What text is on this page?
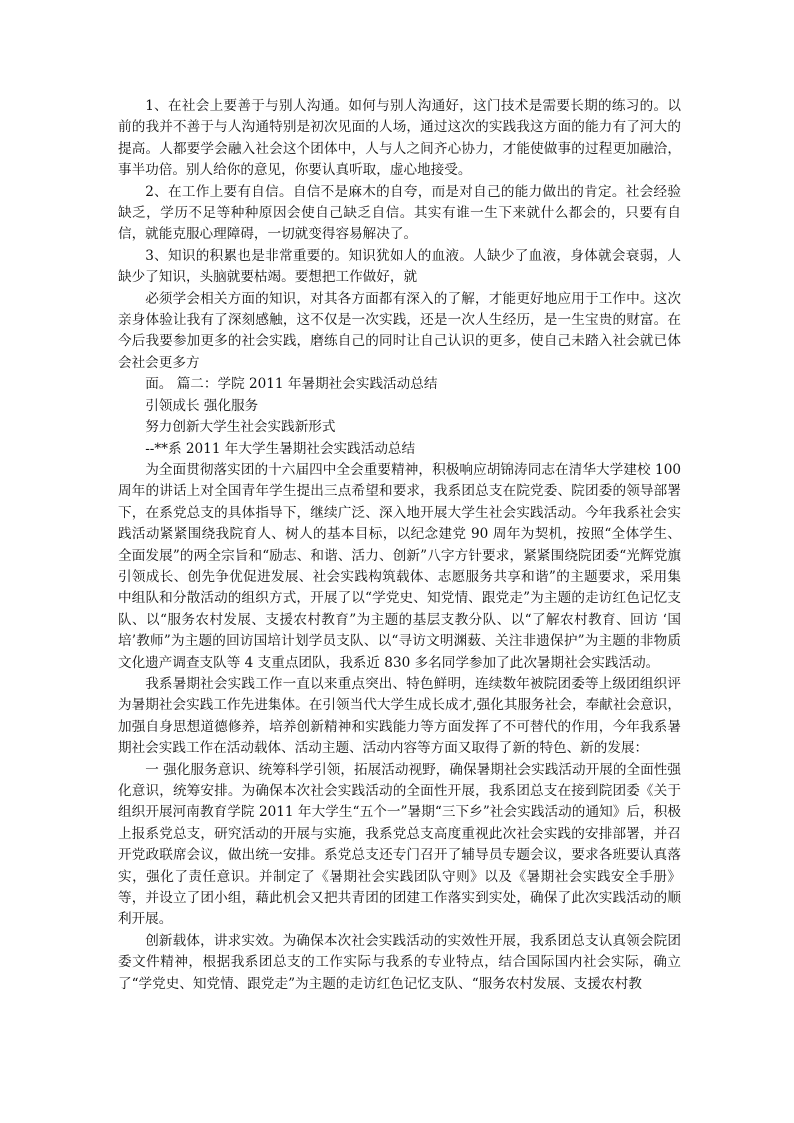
1、在社会上要善于与别人沟通。如何与别人沟通好，这门技术是需要长期的练习的。以前的我并不善于与人沟通特别是初次见面的人场，通过这次的实践我这方面的能力有了河大的提高。人都要学会融入社会这个团体中，人与人之间齐心协力，才能使做事的过程更加融洽，事半功倍。别人给你的意见，你要认真听取，虚心地接受。

2、在工作上要有自信。自信不是麻木的自夸，而是对自己的能力做出的肯定。社会经验缺乏，学历不足等种种原因会使自己缺乏自信。其实有谁一生下来就什么都会的，只要有自信，就能克服心理障碍，一切就变得容易解决了。

3、知识的积累也是非常重要的。知识犹如人的血液。人缺少了血液，身体就会衰弱，人缺少了知识，头脑就要枯竭。要想把工作做好，就

必须学会相关方面的知识，对其各方面都有深入的了解，才能更好地应用于工作中。这次亲身体验让我有了深刻感触，这不仅是一次实践，还是一次人生经历，是一生宝贵的财富。在今后我要参加更多的社会实践，磨练自己的同时让自己认识的更多，使自己未踏入社会就已体会社会更多方

面。 篇二：学院 2011 年暑期社会实践活动总结

引领成长 强化服务

努力创新大学生社会实践新形式

--**系 2011 年大学生暑期社会实践活动总结

为全面贯彻落实团的十六届四中全会重要精神，积极响应胡锦涛同志在清华大学建校 100 周年的讲话上对全国青年学生提出三点希望和要求，我系团总支在院党委、院团委的领导部署下，在系党总支的具体指导下，继续广泛、深入地开展大学生社会实践活动。今年我系社会实践活动紧紧围绕我院育人、树人的基本目标，以纪念建党 90 周年为契机，按照“全体学生、全面发展”的两全宗旨和“励志、和谐、活力、创新”八字方针要求，紧紧围绕院团委“光辉党旗引领成长、创先争优促进发展、社会实践构筑载体、志愿服务共享和谐”的主题要求，采用集中组队和分散活动的组织方式，开展了以“学党史、知党情、跟党走”为主题的走访红色记忆支队、以“服务农村发展、支援农村教育”为主题的基层支教分队、以“了解农村教育、回访 ‘国培’教师”为主题的回访国培计划学员支队、以“寻访文明渊薮、关注非遗保护”为主题的非物质文化遗产调查支队等 4 支重点团队，我系近 830 多名同学参加了此次暑期社会实践活动。

我系暑期社会实践工作一直以来重点突出、特色鲜明，连续数年被院团委等上级团组织评为暑期社会实践工作先进集体。在引领当代大学生成长成才,强化其服务社会，奉献社会意识，加强自身思想道德修养，培养创新精神和实践能力等方面发挥了不可替代的作用，今年我系暑期社会实践工作在活动载体、活动主题、活动内容等方面又取得了新的特色、新的发展：

一 强化服务意识、统筹科学引领，拓展活动视野，确保暑期社会实践活动开展的全面性强化意识，统筹安排。为确保本次社会实践活动的全面性开展，我系团总支在接到院团委《关于组织开展河南教育学院 2011 年大学生“五个一”暑期“三下乡”社会实践活动的通知》后，积极上报系党总支，研究活动的开展与实施，我系党总支高度重视此次社会实践的安排部署，并召开党政联席会议，做出统一安排。系党总支还专门召开了辅导员专题会议，要求各班要认真落实，强化了责任意识。并制定了《暑期社会实践团队守则》以及《暑期社会实践安全手册》等，并设立了团小组，藉此机会又把共青团的团建工作落实到实处，确保了此次实践活动的顺利开展。

创新载体，讲求实效。为确保本次社会实践活动的实效性开展，我系团总支认真领会院团委文件精神，根据我系团总支的工作实际与我系的专业特点，结合国际国内社会实际，确立了“学党史、知党情、跟党走”为主题的走访红色记忆支队、“服务农村发展、支援农村教
